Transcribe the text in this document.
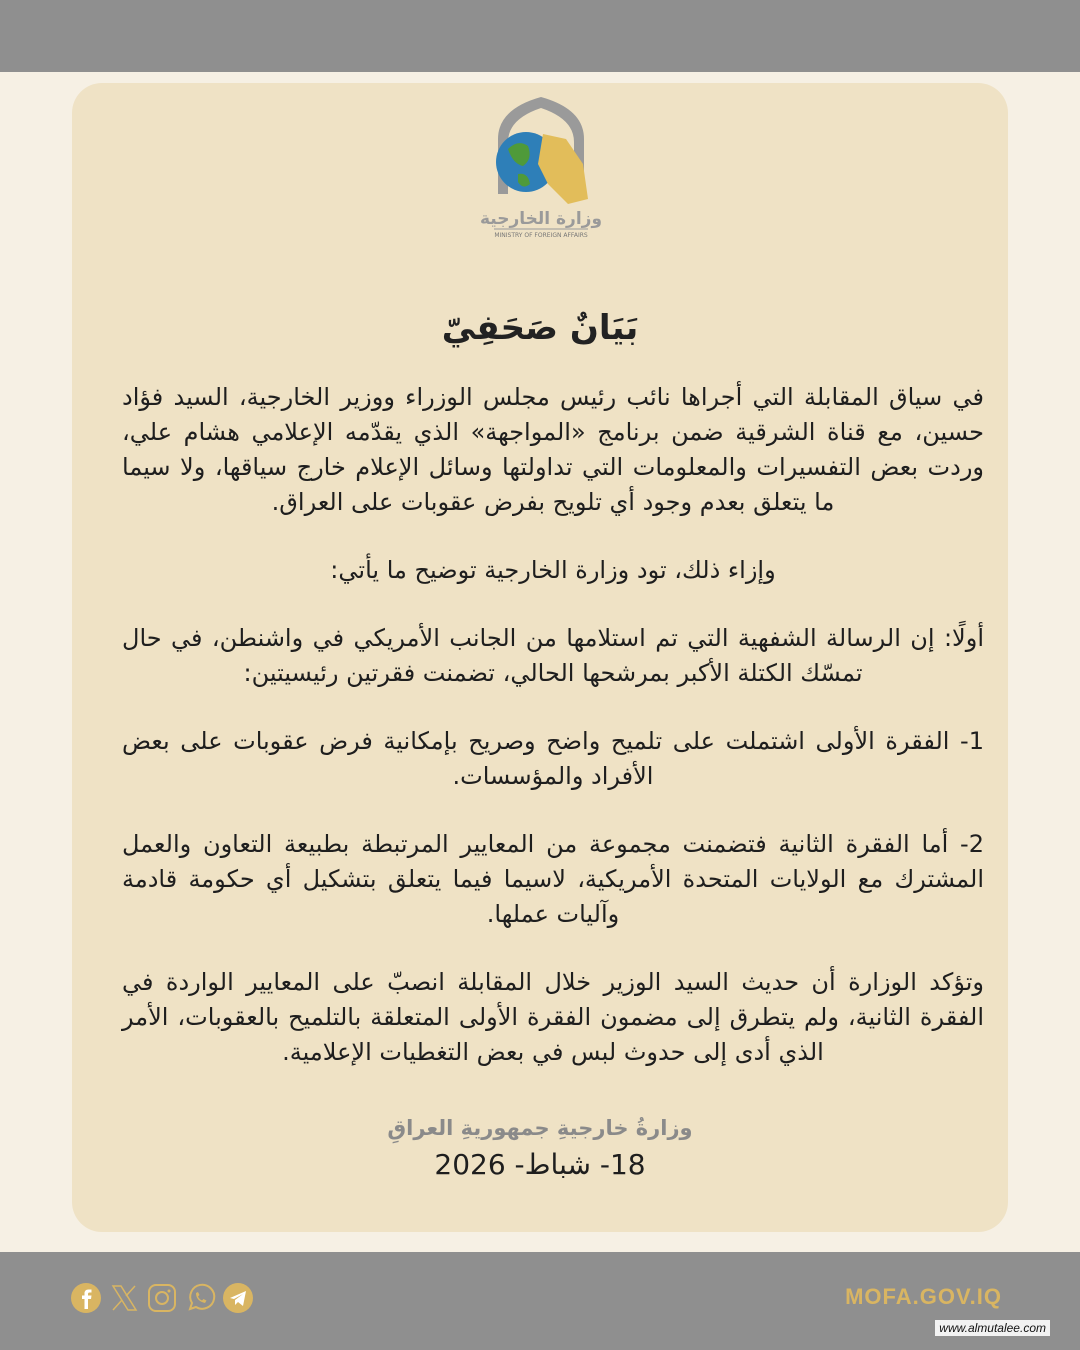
وزارة الخارجية
MINISTRY OF FOREIGN AFFAIRS
بَيَانٌ صَحَفِيّ

في سياق المقابلة التي أجراها نائب رئيس مجلس الوزراء ووزير الخارجية، السيد فؤاد حسين، مع قناة الشرقية ضمن برنامج «المواجهة» الذي يقدّمه الإعلامي هشام علي، وردت بعض التفسيرات والمعلومات التي تداولتها وسائل الإعلام خارج سياقها، ولا سيما ما يتعلق بعدم وجود أي تلويح بفرض عقوبات على العراق.

وإزاء ذلك، تود وزارة الخارجية توضيح ما يأتي:

أولًا: إن الرسالة الشفهية التي تم استلامها من الجانب الأمريكي في واشنطن، في حال تمسّك الكتلة الأكبر بمرشحها الحالي، تضمنت فقرتين رئيسيتين:

1- الفقرة الأولى اشتملت على تلميح واضح وصريح بإمكانية فرض عقوبات على بعض الأفراد والمؤسسات.

2- أما الفقرة الثانية فتضمنت مجموعة من المعايير المرتبطة بطبيعة التعاون والعمل المشترك مع الولايات المتحدة الأمريكية، لاسيما فيما يتعلق بتشكيل أي حكومة قادمة وآليات عملها.

وتؤكد الوزارة أن حديث السيد الوزير خلال المقابلة انصبّ على المعايير الواردة في الفقرة الثانية، ولم يتطرق إلى مضمون الفقرة الأولى المتعلقة بالتلميح بالعقوبات، الأمر الذي أدى إلى حدوث لبس في بعض التغطيات الإعلامية.

وزارةُ خارجيةِ جمهوريةِ العراقِ
18- شباط- 2026
MOFA.GOV.IQ
www.almutalee.com
